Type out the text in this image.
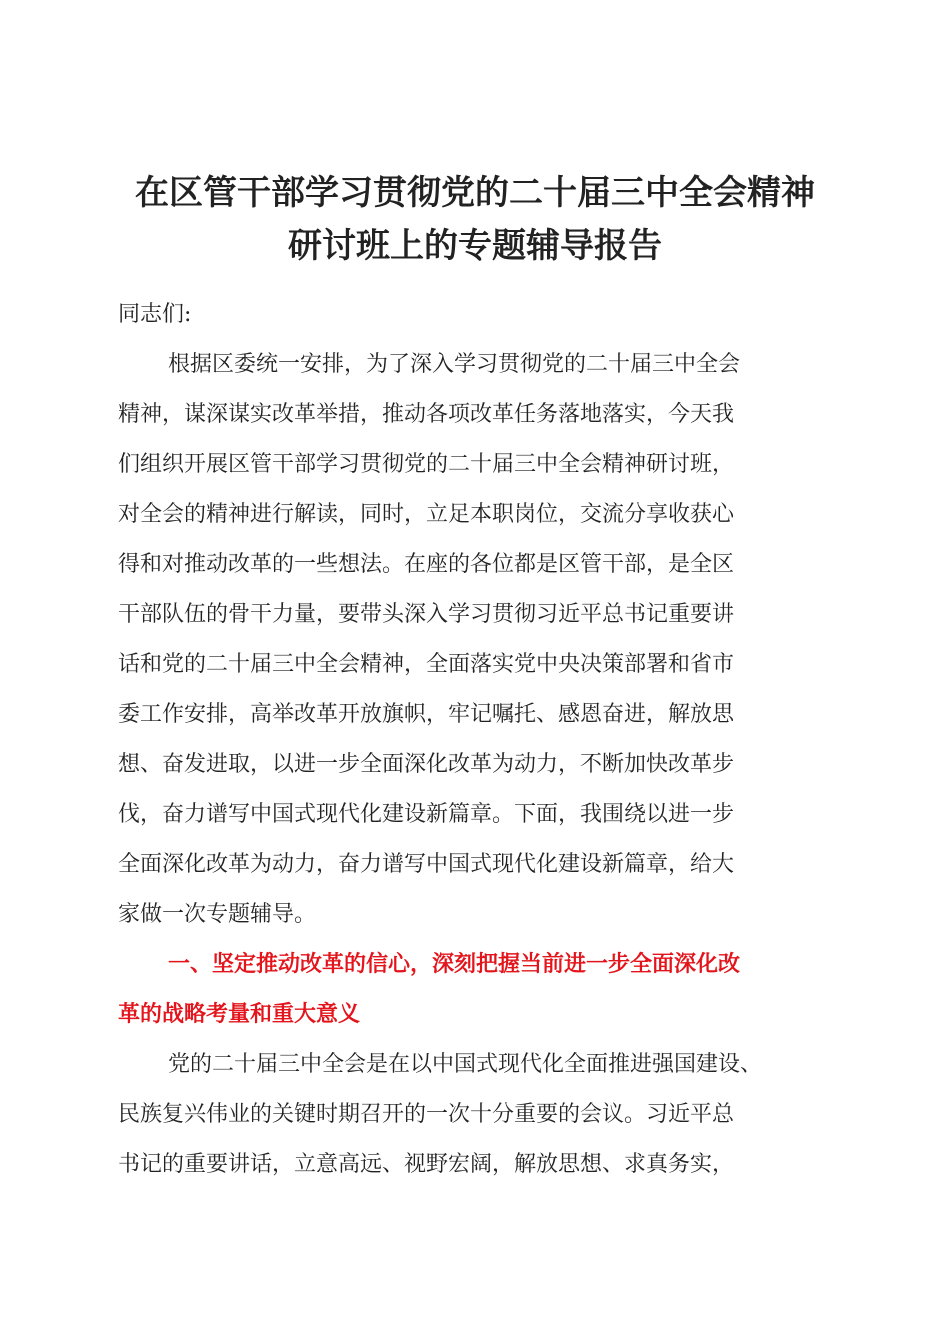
在区管干部学习贯彻党的二十届三中全会精神
研讨班上的专题辅导报告
同志们:
根据区委统一安排，为了深入学习贯彻党的二十届三中全会
精神，谋深谋实改革举措，推动各项改革任务落地落实，今天我
们组织开展区管干部学习贯彻党的二十届三中全会精神研讨班，
对全会的精神进行解读，同时，立足本职岗位，交流分享收获心
得和对推动改革的一些想法。在座的各位都是区管干部，是全区
干部队伍的骨干力量，要带头深入学习贯彻习近平总书记重要讲
话和党的二十届三中全会精神，全面落实党中央决策部署和省市
委工作安排，高举改革开放旗帜，牢记嘱托、感恩奋进，解放思
想、奋发进取，以进一步全面深化改革为动力，不断加快改革步
伐，奋力谱写中国式现代化建设新篇章。下面，我围绕以进一步
全面深化改革为动力，奋力谱写中国式现代化建设新篇章，给大
家做一次专题辅导。
一、坚定推动改革的信心，深刻把握当前进一步全面深化改
革的战略考量和重大意义
党的二十届三中全会是在以中国式现代化全面推进强国建设、
民族复兴伟业的关键时期召开的一次十分重要的会议。习近平总
书记的重要讲话，立意高远、视野宏阔，解放思想、求真务实，
